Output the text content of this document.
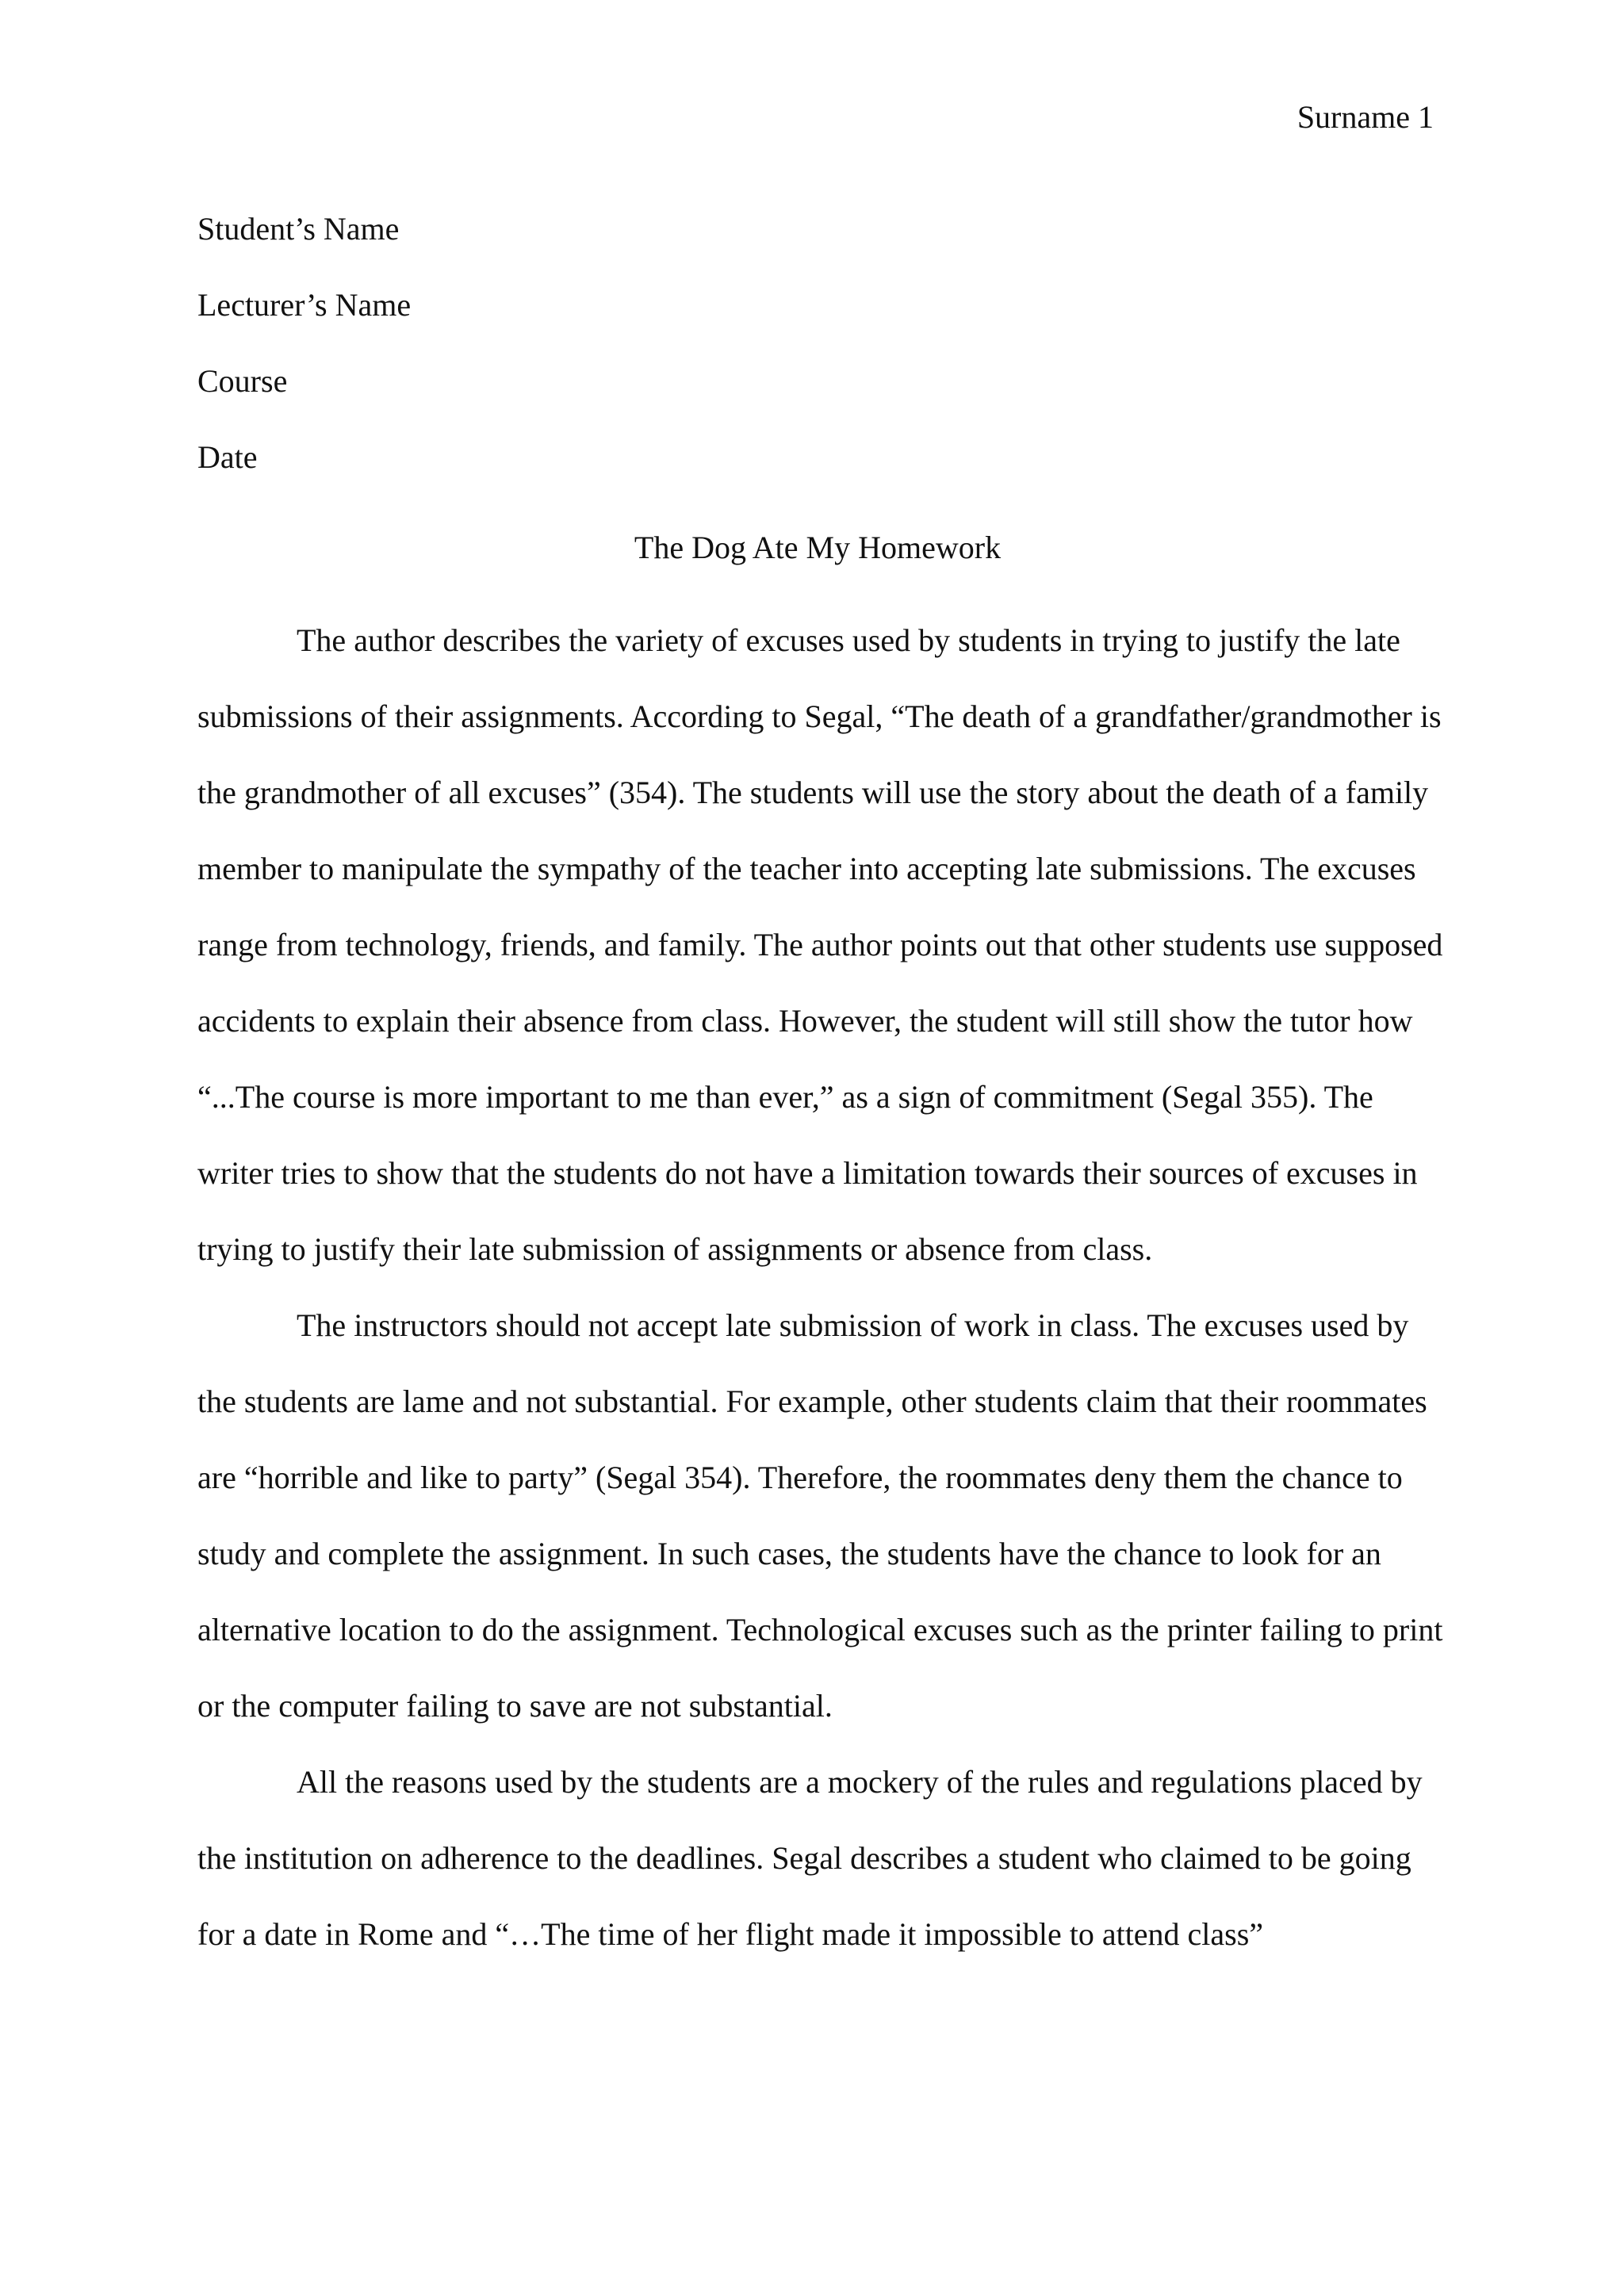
Surname 1
Student’s Name
Lecturer’s Name
Course
Date
The Dog Ate My Homework

The author describes the variety of excuses used by students in trying to justify the late submissions of their assignments. According to Segal, “The death of a grandfather/grandmother is the grandmother of all excuses” (354). The students will use the story about the death of a family member to manipulate the sympathy of the teacher into accepting late submissions. The excuses range from technology, friends, and family. The author points out that other students use supposed accidents to explain their absence from class. However, the student will still show the tutor how “...The course is more important to me than ever,” as a sign of commitment (Segal 355). The writer tries to show that the students do not have a limitation towards their sources of excuses in trying to justify their late submission of assignments or absence from class.

The instructors should not accept late submission of work in class. The excuses used by the students are lame and not substantial. For example, other students claim that their roommates are “horrible and like to party” (Segal 354). Therefore, the roommates deny them the chance to study and complete the assignment. In such cases, the students have the chance to look for an alternative location to do the assignment. Technological excuses such as the printer failing to print or the computer failing to save are not substantial.

All the reasons used by the students are a mockery of the rules and regulations placed by the institution on adherence to the deadlines. Segal describes a student who claimed to be going for a date in Rome and “…The time of her flight made it impossible to attend class”
